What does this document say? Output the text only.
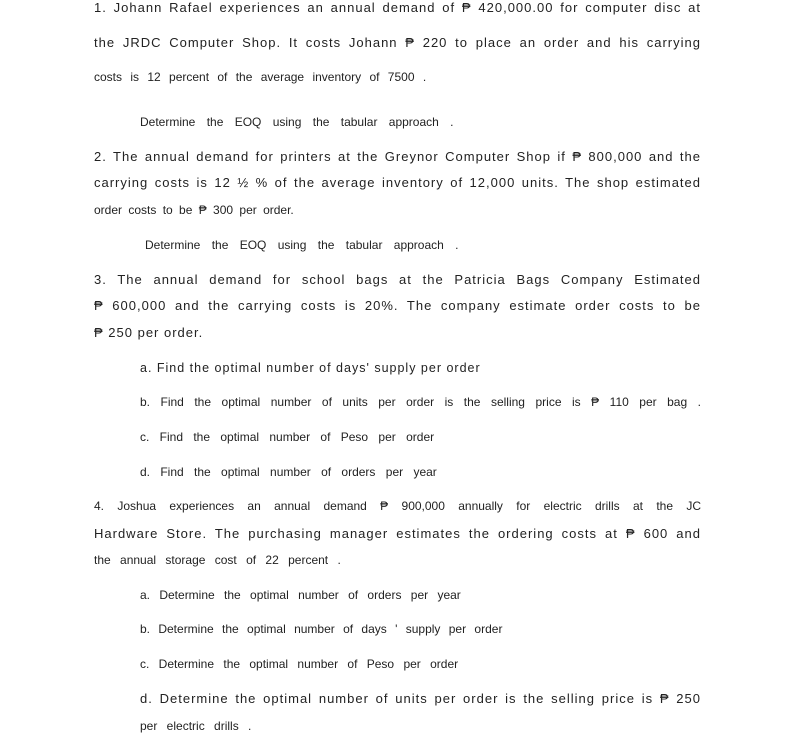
1. Johann Rafael experiences an annual demand of ₱ 420,000.00 for computer disc at
the JRDC Computer Shop. It costs Johann ₱ 220 to place an order and his carrying
costs is 12 percent of the average inventory of 7500 .
Determine the EOQ using the tabular approach .
2. The annual demand for printers at the Greynor Computer Shop if ₱ 800,000 and the
carrying costs is 12 ½ % of the average inventory of 12,000 units. The shop estimated
order costs to be ₱ 300 per order.
Determine the EOQ using the tabular approach .
3. The annual demand for school bags at the Patricia Bags Company Estimated
₱ 600,000 and the carrying costs is 20%. The company estimate order costs to be
₱ 250 per order.
a. Find the optimal number of days' supply per order
b. Find the optimal number of units per order is the selling price is ₱ 110 per bag .
c. Find the optimal number of Peso per order
d. Find the optimal number of orders per year
4. Joshua experiences an annual demand ₱ 900,000 annually for electric drills at the JC
Hardware Store. The purchasing manager estimates the ordering costs at ₱ 600 and
the annual storage cost of 22 percent .
a. Determine the optimal number of orders per year
b. Determine the optimal number of days ' supply per order
c. Determine the optimal number of Peso per order
d. Determine the optimal number of units per order is the selling price is ₱ 250
per electric drills .
